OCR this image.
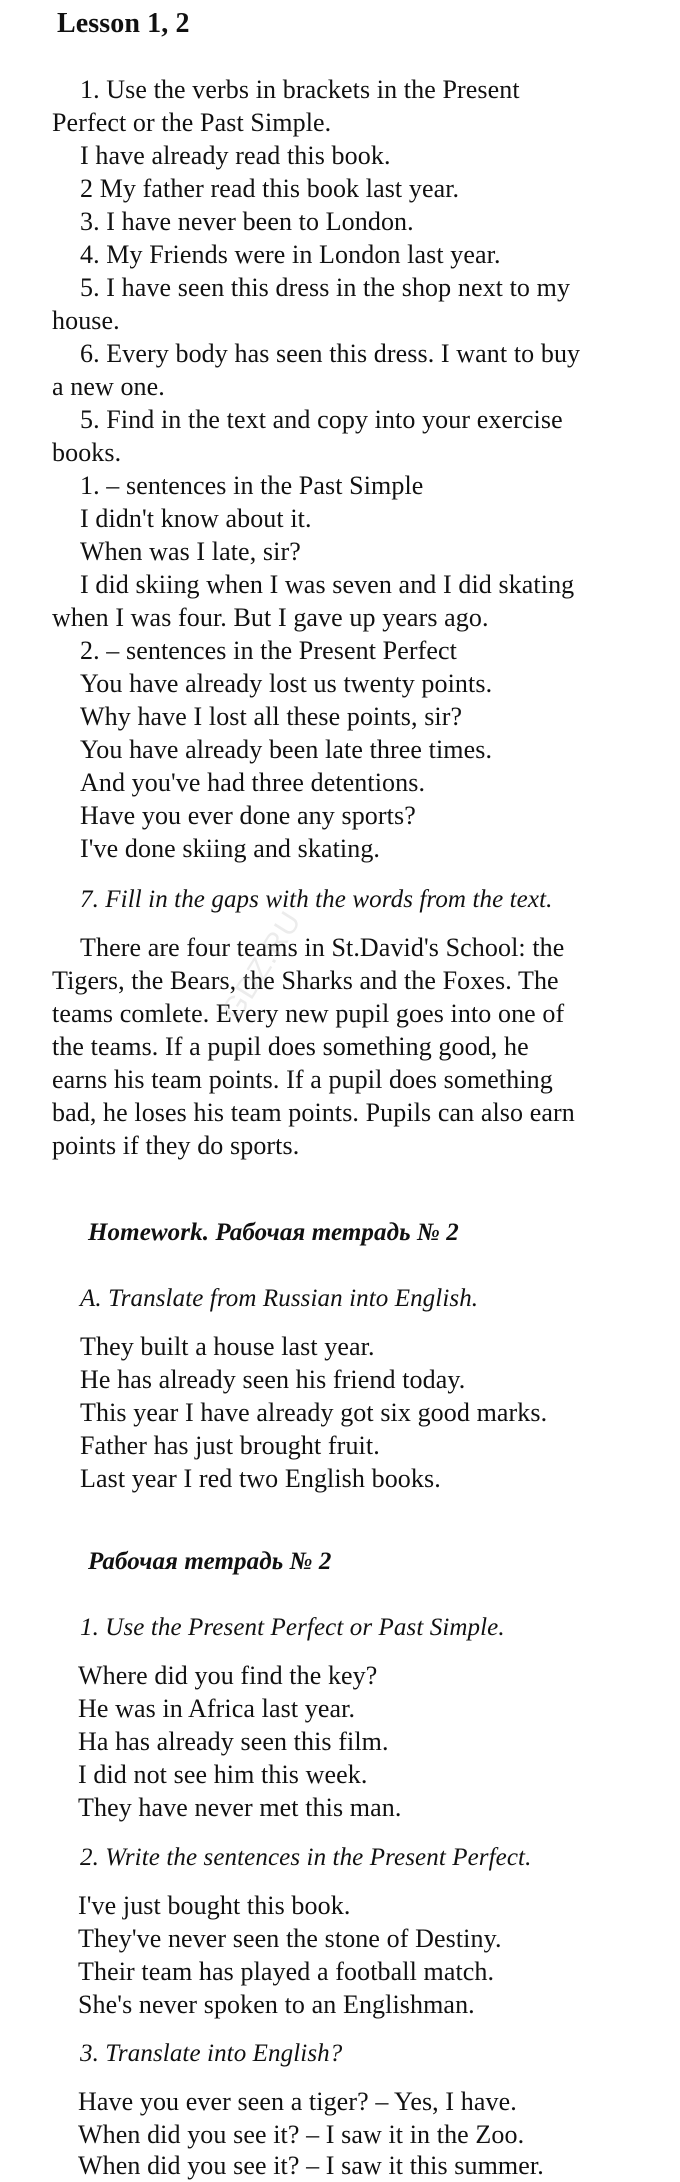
Lesson 1, 2
1. Use the verbs in brackets in the Present
Perfect or the Past Simple.
I have already read this book.
2 My father read this book last year.
3. I have never been to London.
4. My Friends were in London last year.
5. I have seen this dress in the shop next to my
house.
6. Every body has seen this dress. I want to buy
a new one.
5. Find in the text and copy into your exercise
books.
1. – sentences in the Past Simple
I didn't know about it.
When was I late, sir?
I did skiing when I was seven and I did skating
when I was four. But I gave up years ago.
2. – sentences in the Present Perfect
You have already lost us twenty points.
Why have I lost all these points, sir?
You have already been late three times.
And you've had three detentions.
Have you ever done any sports?
I've done skiing and skating.
7. Fill in the gaps with the words from the text.
There are four teams in St.David's School: the
Tigers, the Bears, the Sharks and the Foxes. The
teams comlete. Every new pupil goes into one of
the teams. If a pupil does something good, he
earns his team points. If a pupil does something
bad, he loses his team points. Pupils can also earn
points if they do sports.
Homework. Рабочая тетрадь № 2
A. Translate from Russian into English.
They built a house last year.
He has already seen his friend today.
This year I have already got six good marks.
Father has just brought fruit.
Last year I red two English books.
Рабочая тетрадь № 2
1. Use the Present Perfect or Past Simple.
Where did you find the key?
He was in Africa last year.
Ha has already seen this film.
I did not see him this week.
They have never met this man.
2. Write the sentences in the Present Perfect.
I've just bought this book.
They've never seen the stone of Destiny.
Their team has played a football match.
She's never spoken to an Englishman.
3. Translate into English?
Have you ever seen a tiger? – Yes, I have.
When did you see it? – I saw it in the Zoo.
When did you see it? – I saw it this summer.
GDZ.RU
